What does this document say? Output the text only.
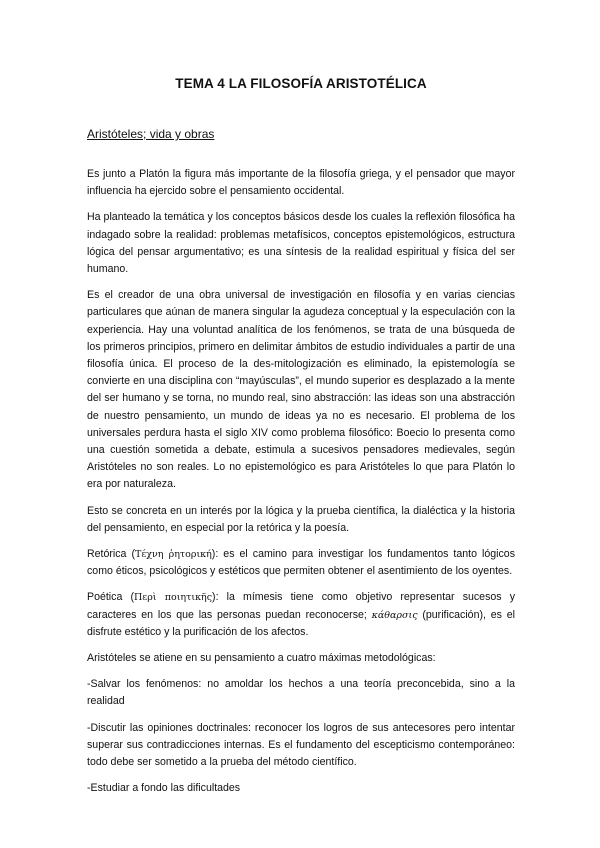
TEMA 4 LA FILOSOFÍA ARISTOTÉLICA
Aristóteles; vida y obras

Es junto a Platón la figura más importante de la filosofía griega, y el pensador que mayor influencia ha ejercido sobre el pensamiento occidental.

Ha planteado la temática y los conceptos básicos desde los cuales la reflexión filosófica ha indagado sobre la realidad: problemas metafísicos, conceptos epistemológicos, estructura lógica del pensar argumentativo; es una síntesis de la realidad espiritual y física del ser humano.

Es el creador de una obra universal de investigación en filosofía y en varias ciencias particulares que aúnan de manera singular la agudeza conceptual y la especulación con la experiencia. Hay una voluntad analítica de los fenómenos, se trata de una búsqueda de los primeros principios, primero en delimitar ámbitos de estudio individuales a partir de una filosofía única. El proceso de la des-mitologización es eliminado, la epistemología se convierte en una disciplina con “mayúsculas”, el mundo superior es desplazado a la mente del ser humano y se torna, no mundo real, sino abstracción: las ideas son una abstracción de nuestro pensamiento, un mundo de ideas ya no es necesario. El problema de los universales perdura hasta el siglo XIV como problema filosófico: Boecio lo presenta como una cuestión sometida a debate, estimula a sucesivos pensadores medievales, según Aristóteles no son reales. Lo no epistemológico es para Aristóteles lo que para Platón lo era por naturaleza.

Esto se concreta en un interés por la lógica y la prueba científica, la dialéctica y la historia del pensamiento, en especial por la retórica y la poesía.

Retórica (Τέχνη ῥητορική): es el camino para investigar los fundamentos tanto lógicos como éticos, psicológicos y estéticos que permiten obtener el asentimiento de los oyentes.

Poética (Περὶ ποιητικῆς): la mímesis tiene como objetivo representar sucesos y caracteres en los que las personas puedan reconocerse; κάθαρσις (purificación), es el disfrute estético y la purificación de los afectos.

Aristóteles se atiene en su pensamiento a cuatro máximas metodológicas:

-Salvar los fenómenos: no amoldar los hechos a una teoría preconcebida, sino a la realidad

-Discutir las opiniones doctrinales: reconocer los logros de sus antecesores pero intentar superar sus contradicciones internas. Es el fundamento del escepticismo contemporáneo: todo debe ser sometido a la prueba del método científico.

-Estudiar a fondo las dificultades
